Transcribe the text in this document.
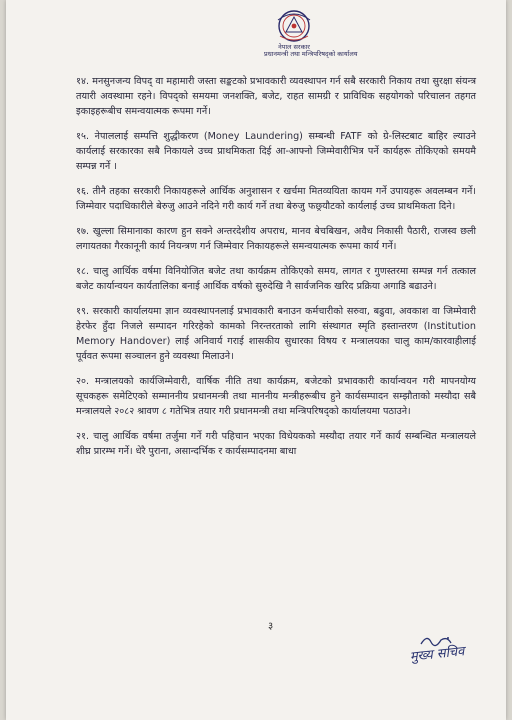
नेपाल सरकार
प्रधानमन्त्री तथा मन्त्रिपरिषद्को कार्यालय

१४. मनसुनजन्य विपद् वा महामारी जस्ता सङ्कटको प्रभावकारी व्यवस्थापन गर्न सबै सरकारी निकाय तथा सुरक्षा संयन्त्र तयारी अवस्थामा रहने। विपद्‌को समयमा जनशक्ति, बजेट, राहत सामग्री र प्राविधिक सहयोगको परिचालन तहगत इकाइहरूबीच समन्वयात्मक रूपमा गर्ने।

१५. नेपाललाई सम्पत्ति शुद्धीकरण (Money Laundering) सम्बन्धी FATF को ग्रे-लिस्टबाट बाहिर ल्याउने कार्यलाई सरकारका सबै निकायले उच्च प्राथमिकता दिई आ-आफ्नो जिम्मेवारीभित्र पर्ने कार्यहरू तोकिएको समयमै सम्पन्न गर्ने ।

१६. तीनै तहका सरकारी निकायहरूले आर्थिक अनुशासन र खर्चमा मितव्ययिता कायम गर्ने उपायहरू अवलम्बन गर्ने। जिम्मेवार पदाधिकारीले बेरुजु आउने नदिने गरी कार्य गर्ने तथा बेरुजु फछ्र्यौटको कार्यलाई उच्च प्राथमिकता दिने।

१७. खुल्ला सिमानाका कारण हुन सक्ने अन्तरदेशीय अपराध, मानव बेचबिखन, अवैध निकासी पैठारी, राजस्व छली लगायतका गैरकानूनी कार्य नियन्त्रण गर्न जिम्मेवार निकायहरूले समन्वयात्मक रूपमा कार्य गर्ने।

१८. चालु आर्थिक वर्षमा विनियोजित बजेट तथा कार्यक्रम तोकिएको समय, लागत र गुणस्तरमा सम्पन्न गर्न तत्काल बजेट कार्यान्वयन कार्यतालिका बनाई आर्थिक वर्षको सुरुदेखि नै सार्वजनिक खरिद प्रक्रिया अगाडि बढाउने।

१९. सरकारी कार्यालयमा ज्ञान व्यवस्थापनलाई प्रभावकारी बनाउन कर्मचारीको सरुवा, बढुवा, अवकाश वा जिम्मेवारी हेरफेर हुँदा निजले सम्पादन गरिरहेको कामको निरन्तरताको लागि संस्थागत स्मृति हस्तान्तरण (Institution Memory Handover) लाई अनिवार्य गराई शासकीय सुधारका विषय र मन्त्रालयका चालु काम/कारवाहीलाई पूर्ववत रूपमा सञ्चालन हुने व्यवस्था मिलाउने।

२०. मन्त्रालयको कार्यजिम्मेवारी, वार्षिक नीति तथा कार्यक्रम, बजेटको प्रभावकारी कार्यान्वयन गरी मापनयोग्य सूचकहरू समेटिएको सम्माननीय प्रधानमन्त्री तथा माननीय मन्त्रीहरूबीच हुने कार्यसम्पादन सम्झौताको मस्यौदा सबै मन्त्रालयले २०८२ श्रावण ८ गतेभित्र तयार गरी प्रधानमन्त्री तथा मन्त्रिपरिषद्को कार्यालयमा पठाउने।

२१. चालु आर्थिक वर्षमा तर्जुमा गर्ने गरी पहिचान भएका विधेयकको मस्यौदा तयार गर्ने कार्य सम्बन्धित मन्त्रालयले शीघ्र प्रारम्भ गर्ने। धेरै पुराना, असान्दर्भिक र कार्यसम्पादनमा बाधा

३
मुख्य सचिव
